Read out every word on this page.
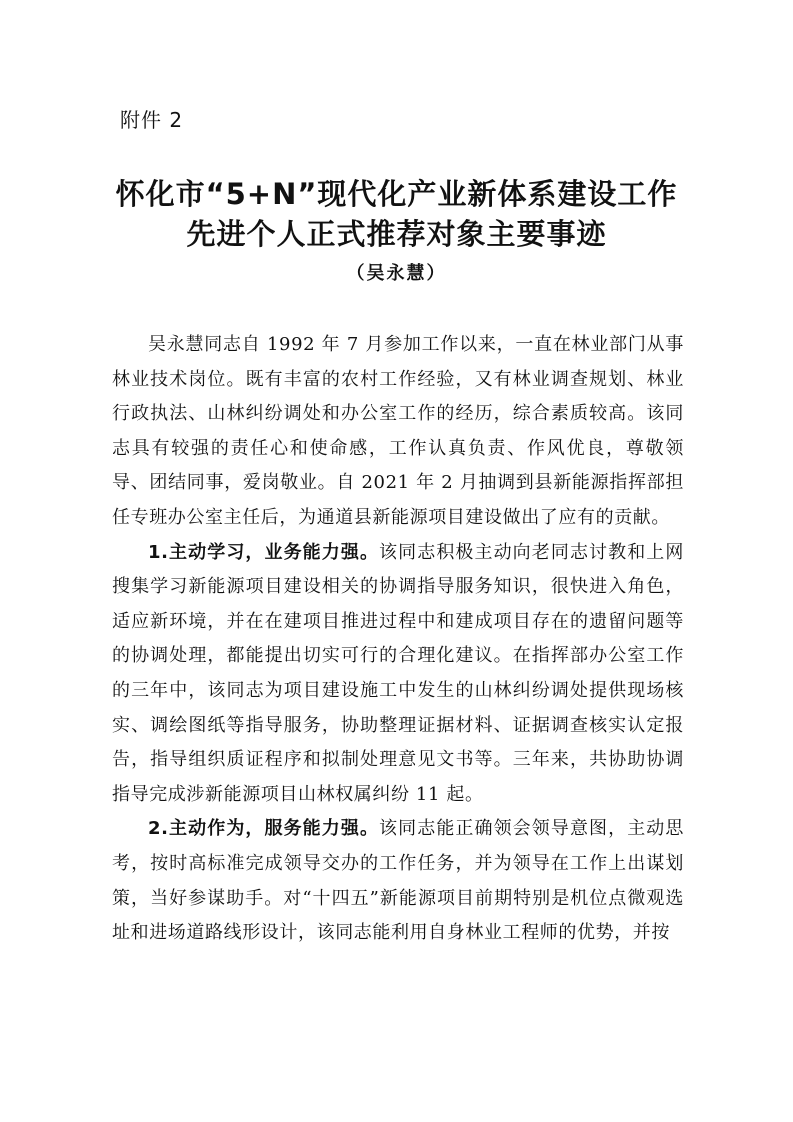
附件 2
怀化市“5+N”现代化产业新体系建设工作
先进个人正式推荐对象主要事迹
（吴永慧）

吴永慧同志自 1992 年 7 月参加工作以来，一直在林业部门从事林业技术岗位。既有丰富的农村工作经验，又有林业调查规划、林业行政执法、山林纠纷调处和办公室工作的经历，综合素质较高。该同志具有较强的责任心和使命感，工作认真负责、作风优良，尊敬领导、团结同事，爱岗敬业。自 2021 年 2 月抽调到县新能源指挥部担任专班办公室主任后，为通道县新能源项目建设做出了应有的贡献。

1.主动学习，业务能力强。该同志积极主动向老同志讨教和上网搜集学习新能源项目建设相关的协调指导服务知识，很快进入角色，适应新环境，并在在建项目推进过程中和建成项目存在的遗留问题等的协调处理，都能提出切实可行的合理化建议。在指挥部办公室工作的三年中，该同志为项目建设施工中发生的山林纠纷调处提供现场核实、调绘图纸等指导服务，协助整理证据材料、证据调查核实认定报告，指导组织质证程序和拟制处理意见文书等。三年来，共协助协调指导完成涉新能源项目山林权属纠纷 11 起。

2.主动作为，服务能力强。该同志能正确领会领导意图，主动思考，按时高标准完成领导交办的工作任务，并为领导在工作上出谋划策，当好参谋助手。对“十四五”新能源项目前期特别是机位点微观选址和进场道路线形设计，该同志能利用自身林业工程师的优势，并按
